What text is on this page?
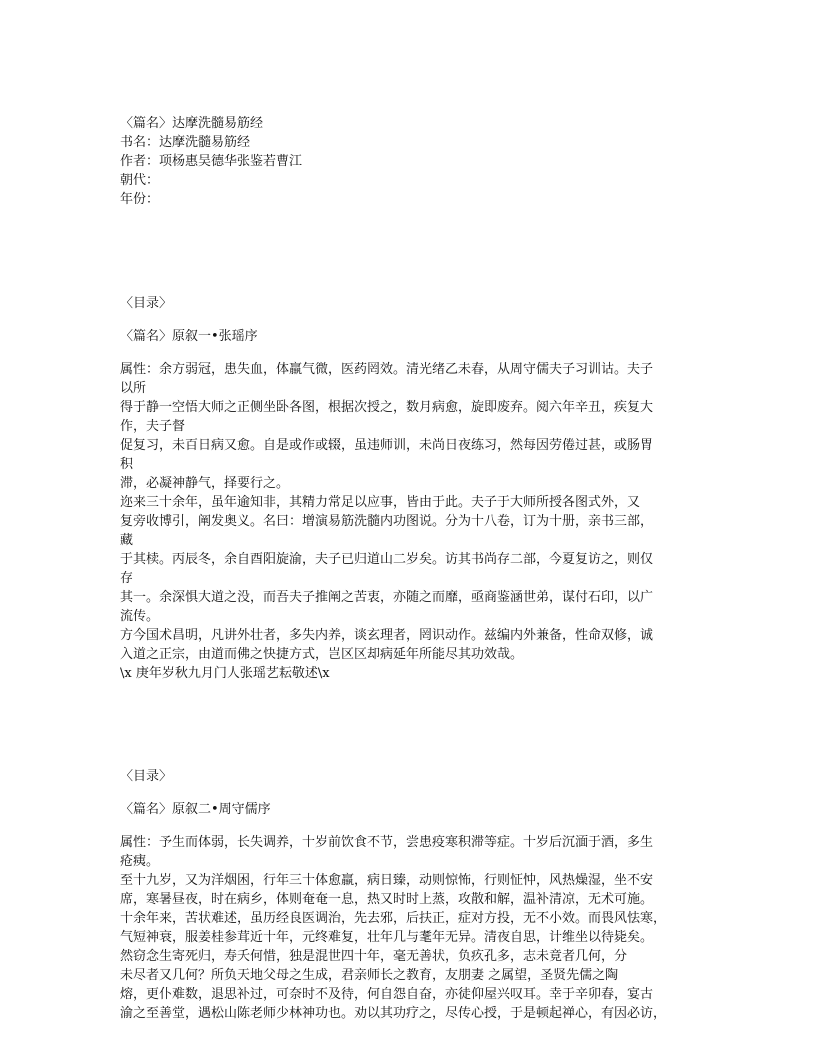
〈篇名〉达摩洗髓易筋经
书名：达摩洗髓易筋经
作者：项杨惠吴德华张鉴若曹江
朝代：
年份：
〈目录〉
〈篇名〉原叙一•张瑶序
属性：余方弱冠，患失血，体羸气微，医药罔效。清光绪乙未春，从周守儒夫子习训诂。夫子
以所
得于静一空悟大师之正侧坐卧各图，根据次授之，数月病愈，旋即废弃。阅六年辛丑，疾复大
作，夫子督
促复习，未百日病又愈。自是或作或辍，虽违师训，未尚日夜练习，然每因劳倦过甚，或肠胃
积
滞，必凝神静气，择要行之。
迩来三十余年，虽年逾知非，其精力常足以应事，皆由于此。夫子于大师所授各图式外，又
复旁收博引，阐发奥义。名曰：增演易筋洗髓内功图说。分为十八卷，订为十册，亲书三部，
藏
于其椟。丙辰冬，余自酉阳旋渝，夫子已归道山二岁矣。访其书尚存二部，今夏复访之，则仅
存
其一。余深惧大道之没，而吾夫子推阐之苦衷，亦随之而靡，亟商鉴涵世弟，谋付石印，以广
流传。
方今国术昌明，凡讲外壮者，多失内养，谈玄理者，罔识动作。兹编内外兼备，性命双修，诚
入道之正宗，由道而佛之快捷方式，岂区区却病延年所能尽其功效哉。
\x 庚年岁秋九月门人张瑶艺耘敬述\x
〈目录〉
〈篇名〉原叙二•周守儒序
属性：予生而体弱，长失调养，十岁前饮食不节，尝患疫寒积滞等症。十岁后沉湎于酒，多生
疮痍。
至十九岁，又为洋烟困，行年三十体愈羸，病日臻，动则惊怖，行则怔忡，风热燥湿，坐不安
席，寒暑昼夜，时在病乡，体则奄奄一息，热又时时上蒸，攻散和解，温补清凉，无术可施。
十余年来，苦状难述，虽历经良医调治，先去邪，后扶正，症对方投，无不小效。而畏风怯寒，
气短神衰，服姜桂参茸近十年，元终难复，壮年几与耄年无异。清夜自思，计维坐以待毙矣。
然窃念生寄死归，寿夭何惜，独是混世四十年，毫无善状，负疚孔多，志未竟者几何，分
未尽者又几何？所负天地父母之生成，君亲师长之教育，友朋妻 之属望，圣贤先儒之陶
熔，更仆难数，退思补过，可奈时不及待，何自怨自奋，亦徒仰屋兴叹耳。幸于辛卯春，宴古
渝之至善堂，遇松山陈老师少林神功也。劝以其功疗之，尽传心授，于是顿起禅心，有因必访，
